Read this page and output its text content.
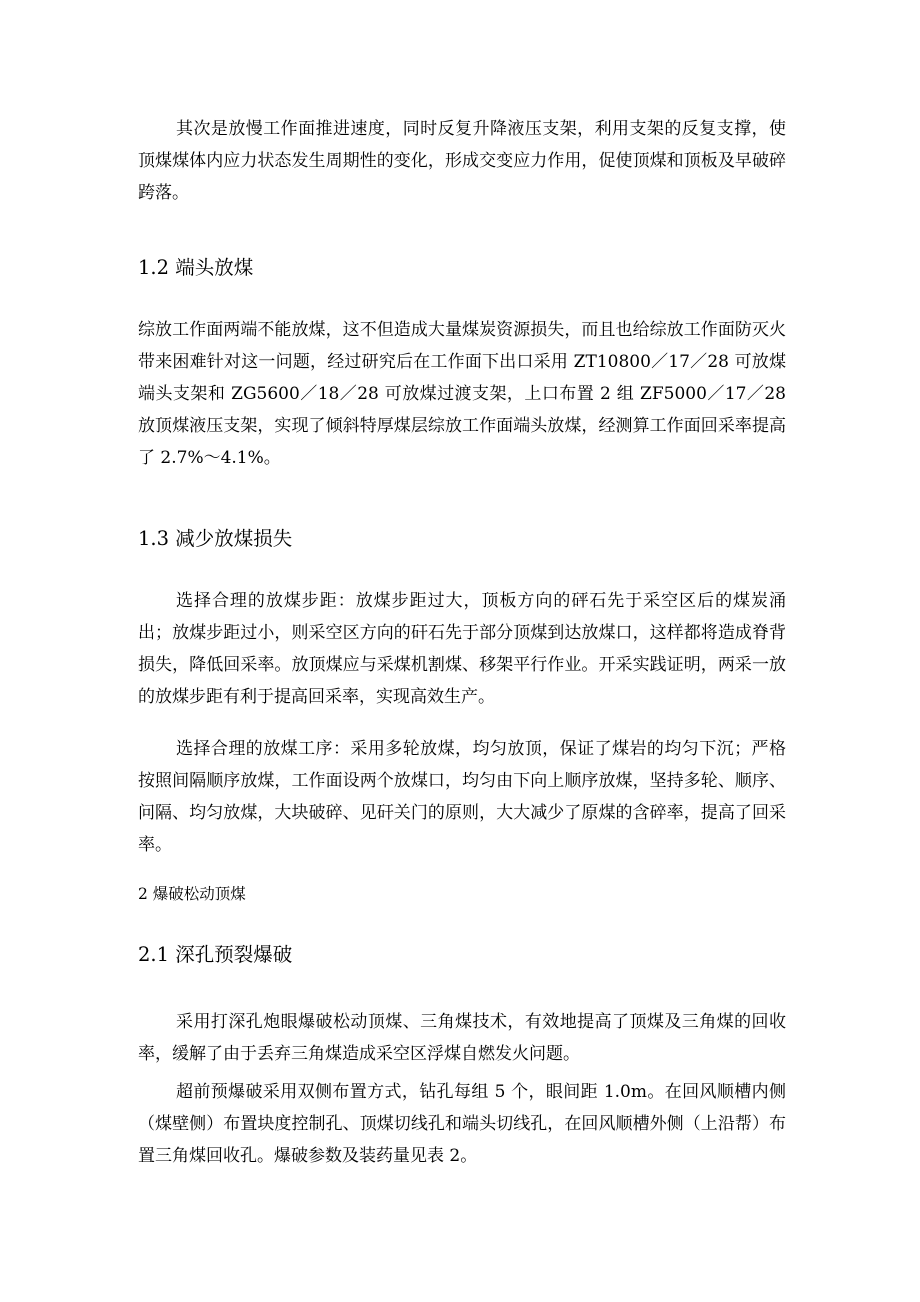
其次是放慢工作面推进速度，同时反复升降液压支架，利用支架的反复支撑，使顶煤煤体内应力状态发生周期性的变化，形成交变应力作用，促使顶煤和顶板及早破碎跨落。

1.2 端头放煤

综放工作面两端不能放煤，这不但造成大量煤炭资源损失，而且也给综放工作面防灭火带来困难针对这一问题，经过研究后在工作面下出口采用 ZT10800／17／28 可放煤端头支架和 ZG5600／18／28 可放煤过渡支架，上口布置 2 组 ZF5000／17／28 放顶煤液压支架，实现了倾斜特厚煤层综放工作面端头放煤，经测算工作面回采率提高了 2.7%～4.1%。

1.3 减少放煤损失

选择合理的放煤步距：放煤步距过大，顶板方向的砰石先于采空区后的煤炭涌出；放煤步距过小，则采空区方向的矸石先于部分顶煤到达放煤口，这样都将造成脊背损失，降低回采率。放顶煤应与采煤机割煤、移架平行作业。开采实践证明，两采一放的放煤步距有利于提高回采率，实现高效生产。

选择合理的放煤工序：采用多轮放煤，均匀放顶，保证了煤岩的均匀下沉；严格按照间隔顺序放煤，工作面设两个放煤口，均匀由下向上顺序放煤，坚持多轮、顺序、问隔、均匀放煤，大块破碎、见矸关门的原则，大大减少了原煤的含碎率，提高了回采率。

2 爆破松动顶煤
2.1 深孔预裂爆破

采用打深孔炮眼爆破松动顶煤、三角煤技术，有效地提高了顶煤及三角煤的回收率，缓解了由于丢弃三角煤造成采空区浮煤自燃发火问题。

超前预爆破采用双侧布置方式，钻孔每组 5 个，眼间距 1.0m。在回风顺槽内侧（煤壁侧）布置块度控制孔、顶煤切线孔和端头切线孔，在回风顺槽外侧（上沿帮）布置三角煤回收孔。爆破参数及装药量见表 2。
